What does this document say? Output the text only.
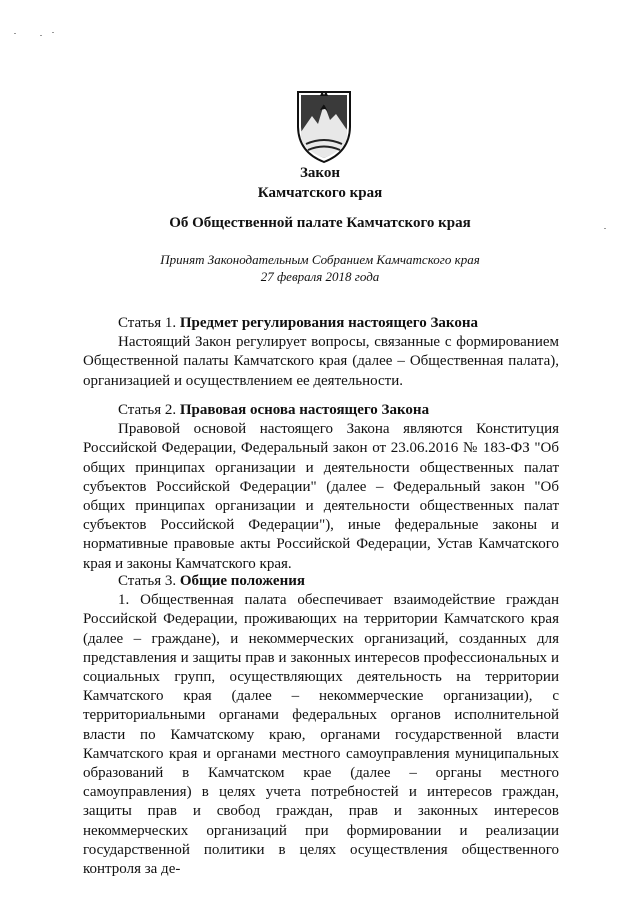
Закон
Камчатского края
Об Общественной палате Камчатского края
Принят Законодательным Собранием Камчатского края
27 февраля 2018 года
Статья 1. Предмет регулирования настоящего Закона

Настоящий Закон регулирует вопросы, связанные с формированием Общественной палаты Камчатского края (далее – Общественная палата), организацией и осуществлением ее деятельности.

Статья 2. Правовая основа настоящего Закона

Правовой основой настоящего Закона являются Конституция Российской Федерации, Федеральный закон от 23.06.2016 № 183-ФЗ "Об общих принципах организации и деятельности общественных палат субъектов Российской Федерации" (далее – Федеральный закон "Об общих принципах организации и деятельности общественных палат субъектов Российской Федерации"), иные федеральные законы и нормативные правовые акты Российской Федерации, Устав Камчатского края и законы Камчатского края.

Статья 3. Общие положения

1. Общественная палата обеспечивает взаимодействие граждан Российской Федерации, проживающих на территории Камчатского края (далее – граждане), и некоммерческих организаций, созданных для представления и защиты прав и законных интересов профессиональных и социальных групп, осуществляющих деятельность на территории Камчатского края (далее – некоммерческие организации), с территориальными органами федеральных органов исполнительной власти по Камчатскому краю, органами государственной власти Камчатского края и органами местного самоуправления муниципальных образований в Камчатском крае (далее – органы местного самоуправления) в целях учета потребностей и интересов граждан, защиты прав и свобод граждан, прав и законных интересов некоммерческих организаций при формировании и реализации государственной политики в целях осуществления общественного контроля за де-
